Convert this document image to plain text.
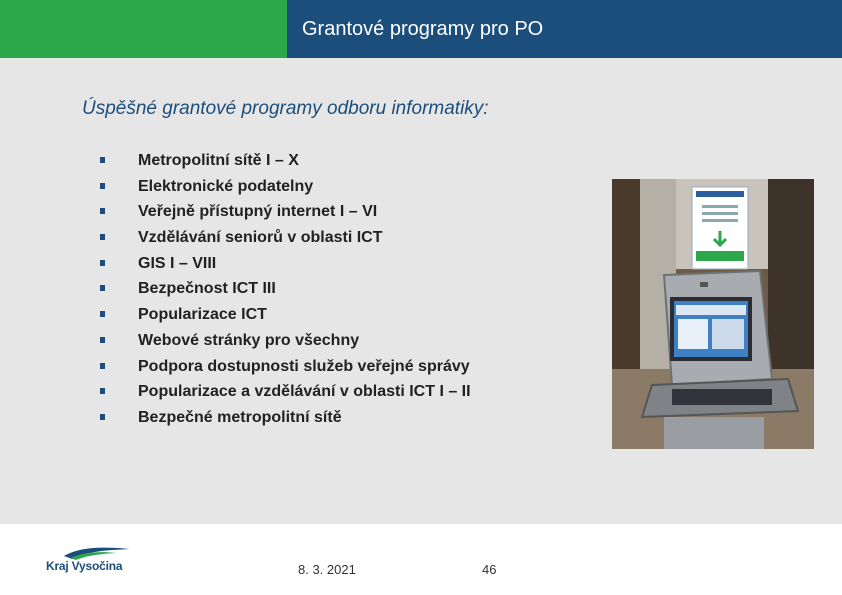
Grantové programy pro PO
Úspěšné grantové programy odboru informatiky:
Metropolitní sítě I – X
Elektronické podatelny
Veřejně přístupný internet I – VI
Vzdělávání seniorů v oblasti ICT
GIS I – VIII
Bezpečnost ICT III
Popularizace ICT
Webové stránky pro všechny
Podpora dostupnosti služeb veřejné správy
Popularizace a vzdělávání v oblasti ICT I – II
Bezpečné metropolitní sítě
Kraj Vysočina	8. 3. 2021	46
